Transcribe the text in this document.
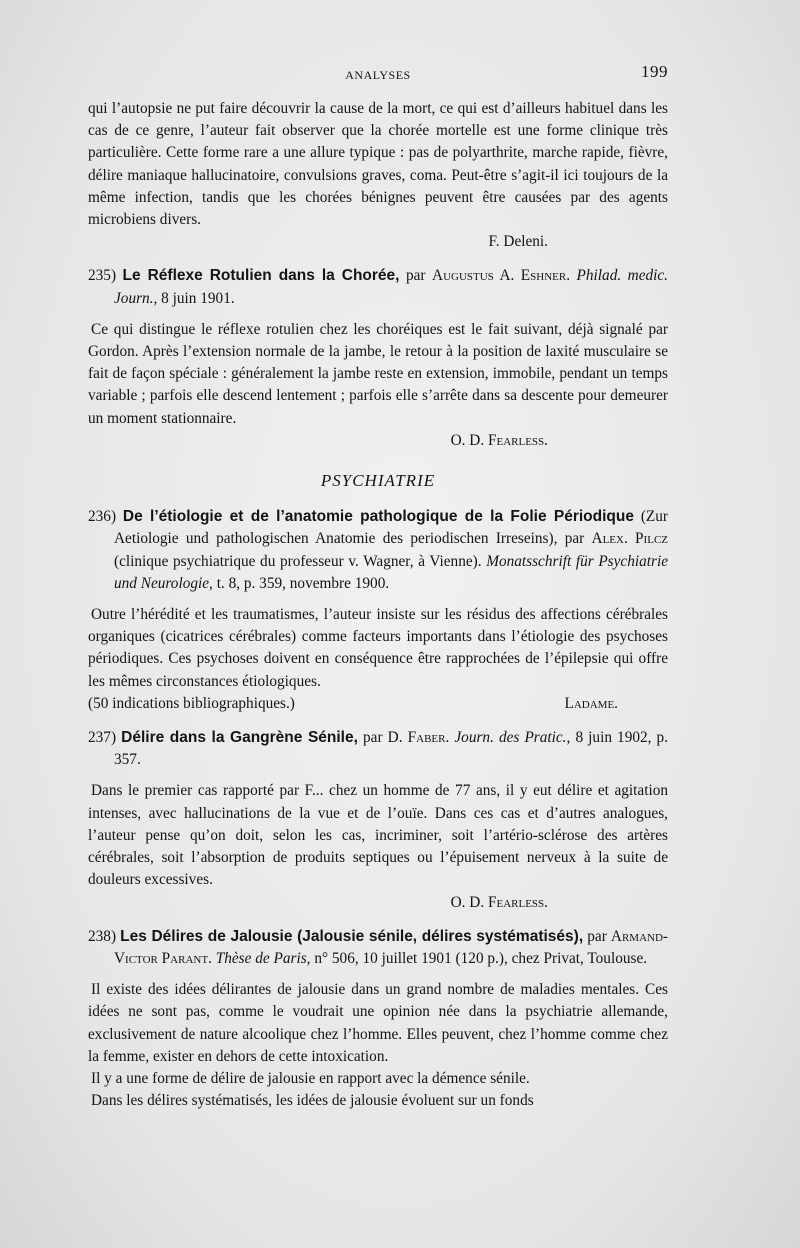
ANALYSES	199

qui l’autopsie ne put faire découvrir la cause de la mort, ce qui est d’ailleurs habituel dans les cas de ce genre, l’auteur fait observer que la chorée mortelle est une forme clinique très particulière. Cette forme rare a une allure typique : pas de polyarthrite, marche rapide, fièvre, délire maniaque hallucinatoire, convulsions graves, coma. Peut-être s’agit-il ici toujours de la même infection, tandis que les chorées bénignes peuvent être causées par des agents microbiens divers.

F. Deleni.

235) Le Réflexe Rotulien dans la Chorée, par Augustus A. Eshner. Philad. medic. Journ., 8 juin 1901.

Ce qui distingue le réflexe rotulien chez les choréiques est le fait suivant, déjà signalé par Gordon. Après l’extension normale de la jambe, le retour à la position de laxité musculaire se fait de façon spéciale : généralement la jambe reste en extension, immobile, pendant un temps variable ; parfois elle descend lentement ; parfois elle s’arrête dans sa descente pour demeurer un moment stationnaire.

O. D. Fearless.
PSYCHIATRIE

236) De l’étiologie et de l’anatomie pathologique de la Folie Périodique (Zur Aetiologie und pathologischen Anatomie des periodischen Irreseins), par Alex. Pilcz (clinique psychiatrique du professeur v. Wagner, à Vienne). Monatsschrift für Psychiatrie und Neurologie, t. 8, p. 359, novembre 1900.

Outre l’hérédité et les traumatismes, l’auteur insiste sur les résidus des affections cérébrales organiques (cicatrices cérébrales) comme facteurs importants dans l’étiologie des psychoses périodiques. Ces psychoses doivent en conséquence être rapprochées de l’épilepsie qui offre les mêmes circonstances étiologiques.

(50 indications bibliographiques.)	Ladame.

237) Délire dans la Gangrène Sénile, par D. Faber. Journ. des Pratic., 8 juin 1902, p. 357.

Dans le premier cas rapporté par F... chez un homme de 77 ans, il y eut délire et agitation intenses, avec hallucinations de la vue et de l’ouïe. Dans ces cas et d’autres analogues, l’auteur pense qu’on doit, selon les cas, incriminer, soit l’artério-sclérose des artères cérébrales, soit l’absorption de produits septiques ou l’épuisement nerveux à la suite de douleurs excessives.

O. D. Fearless.

238) Les Délires de Jalousie (Jalousie sénile, délires systématisés), par Armand-Victor Parant. Thèse de Paris, n° 506, 10 juillet 1901 (120 p.), chez Privat, Toulouse.

Il existe des idées délirantes de jalousie dans un grand nombre de maladies mentales. Ces idées ne sont pas, comme le voudrait une opinion née dans la psychiatrie allemande, exclusivement de nature alcoolique chez l’homme. Elles peuvent, chez l’homme comme chez la femme, exister en dehors de cette intoxication.

Il y a une forme de délire de jalousie en rapport avec la démence sénile.

Dans les délires systématisés, les idées de jalousie évoluent sur un fonds
